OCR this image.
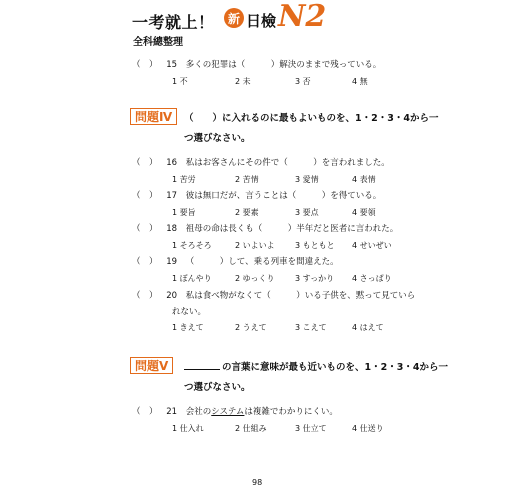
一考就上！	新 日檢 N2
全科總整理
（　） 15 多くの犯罪は（　　　）解決のままで残っている。
1 不	2 未	3 否	4 無
問題Ⅳ	（　　）に入れるのに最もよいものを、1・2・3・4から一
つ選びなさい。
（　） 16 私はお客さんにその件で（　　　）を言われました。
1 苦労	2 苦情	3 愛情	4 表情
（　） 17 彼は無口だが、言うことは（　　　）を得ている。
1 要旨	2 要素	3 要点	4 要領
（　） 18 祖母の命は長くも（　　　）半年だと医者に言われた。
1 そろそろ	2 いよいよ	3 もともと 4 せいぜい
（　） 19 （　　　）して、乗る列車を間違えた。
1 ぼんやり	2 ゆっくり	3 すっかり 4 さっぱり
（　） 20 私は食べ物がなくて（　　　）いる子供を、黙って見ていら
れない。
1 きえて	2 うえて	3 こえて	4 はえて
問題Ⅴ	の言葉に意味が最も近いものを、1・2・3・4から一
つ選びなさい。
（　） 21 会社のシステムは複雑でわかりにくい。
1 仕入れ	2 仕組み	3 仕立て	4 仕送り
98
